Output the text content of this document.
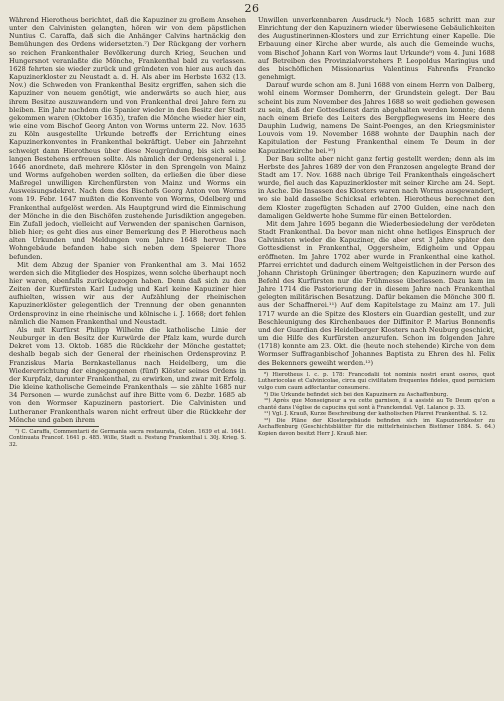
26

Während Hierotheus berichtet, daß die Kapuziner zu großem Ansehen unter den Calvinisten gelangten, hören wir von dem päpstlichen Nuntius C. Caraffa, daß sich die Anhänger Calvins hartnäckig den Bemühungen des Ordens widersetzten.⁷) Der Rückgang der vorhern so reichen Frankenthaler Bevölkerung durch Krieg, Seuchen und Hungersnot veranlaßte die Mönche, Frankenthal bald zu verlassen. 1628 fehrten sie wieder zurück und gründeten von hier aus auch das Kapuzinerkloster zu Neustadt a. d. H. Als aber im Herbste 1632 (13. Nov.) die Schweden von Frankenthal Besitz ergriffen, sahen sich die Kapuziner von neuem genötigt, wie anderwärts so auch hier, aus ihrem Besitze auszuwandern und von Frankenthal drei Jahre fern zu bleiben. Ein Jahr nachdem die Spanier wieder in den Besitz der Stadt gekommen waren (Oktober 1635), trafen die Mönche wieder hier ein, wie eine vom Bischof Georg Anton von Worms unterm 22. Nov. 1635 zu Köln ausgestellte Urkunde betreffs der Errichtung eines Kapuzinerkonventes in Frankenthal bekräftigt. Ueber ein Jahrzehnt schweigt dann Hierotheus über diese Neugründung, bis sich seine langen Bestehens erfreuen sollte. Als nämlich der Ordensgeneral i. J. 1646 anordnete, daß mehrere Klöster in den Sprengeln von Mainz und Worms aufgehoben werden sollten, da erließen die über diese Maßregel unwilligen Kirchenfürsten von Mainz und Worms ein Ausweisungsdekret. Nach dem des Bischofs Georg Anton von Worms vom 19. Febr. 1647 mußten die Konvente von Worms, Odelberg und Frankenthal aufgelöst werden. Als Hauptgrund wird die Einmischung der Mönche in die den Bischöfen zustehende Jurisdiktion angegeben. Ein Zufall jedoch, vielleicht auf Verwenden der spanischen Garnison, blieb hier; es geht dies aus einer Bemerkung des P. Hierotheus nach alten Urkunden und Meldungen vom Jahre 1648 hervor. Das Wohngebäude befanden habe sich neben dem Speierer Thore befunden.

Mit dem Abzug der Spanier von Frankenthal am 3. Mai 1652 werden sich die Mitglieder des Hospizes, wenn solche überhaupt noch hier waren, ebenfalls zurückgezogen haben. Denn daß sich zu den Zeiten der Kurfürsten Karl Ludwig und Karl keine Kapuziner hier aufhielten, wissen wir aus der Aufzählung der rheinischen Kapuzinerklöster gelegentlich der Trennung der oben genannten Ordensprovinz in eine rheinische und kölnische i. J. 1668; dort fehlen nämlich die Namen Frankenthal und Neustadt.

Als mit Kurfürst Philipp Wilhelm die katholische Linie der Neuburger in den Besitz der Kurwürde der Pfalz kam, wurde durch Dekret vom 13. Oktob. 1685 die Rückkehr der Mönche gestattet; deshalb begab sich der General der rheinischen Ordensprovinz P. Franziskus Maria Bernkastellanus nach Heidelberg, um die Wiedererrichtung der eingegangenen (fünf) Klöster seines Ordens in der Kurpfalz, darunter Frankenthal, zu erwirken, und zwar mit Erfolg. Die kleine katholische Gemeinde Frankenthals — sie zählte 1685 nur 34 Personen — wurde zunächst auf ihre Bitte vom 6. Dezbr. 1685 ab von den Wormser Kapuzinern pastoriert. Die Calvinisten und Lutheraner Frankenthals waren nicht erfreut über die Rückkehr der Mönche und gaben ihrem

⁷) C. Caraffa, Commentarii de Germania sacra restaurata, Colon. 1639 et al. 1641. Continuata Francof. 1641 p. 485. Wille, Stadt u. Festung Frankenthal i. 30j. Krieg. S. 32.

Unwillen unverkennbaren Ausdruck.⁸) Noch 1685 schritt man zur Einrichtung der den Kapuzinern wieder überwiesene Gebäulichkeiten des Augustinerinnen-Klosters und zur Errichtung einer Kapelle. Die Erbauung einer Kirche aber wurde, als auch die Gemeinde wuchs, vom Bischof Johann Karl von Worms laut Urkunde⁹) vom 4. Juni 1688 auf Betreiben des Provinzialvorstehers P. Leopoldus Maringius und des bischöflichen Missionarius Valentinus Fahrenfis Francko genehmigt.

Darauf wurde schon am 8. Juni 1688 von einem Herrn von Dalberg, wohl einem Wormser Domherrn, der Grundstein gelegt. Der Bau scheint bis zum November des Jahres 1688 so weit gediehen gewesen zu sein, daß der Gottesdienst darin abgehalten werden konnte; denn nach einem Briefe des Leiters des Bergpflegwesens im Heere des Dauphin Ludwig, namens De Saint-Poenges, an den Kriegsminister Louvois vom 19. November 1688 wohnte der Dauphin nach der Kapitulation der Festung Frankenthal einem Te Deum in der Kapuzinerkirche bei.¹⁰)

Der Bau sollte aber nicht ganz fertig gestellt werden; denn als im Herbste des Jahres 1689 der von den Franzosen angelegte Brand der Stadt am 17. Nov. 1688 nach übrige Teil Frankenthals eingeäschert wurde, fiel auch das Kapuzinerkloster mit seiner Kirche am 24. Sept. in Asche. Die Insassen des Klosters waren nach Worms ausgewandert, wo sie bald dasselbe Schicksal erlebten. Hierotheus berechnet den dem Kloster zugefügten Schaden auf 2700 Gulden, eine nach den damaligen Geldwerte hohe Summe für einen Bettelorden.

Mit dem Jahre 1695 begann die Wiederbesiedelung der verödeten Stadt Frankenthal. Da bevor man nicht ohne hetliges Einspruch der Calvinisten wieder die Kapuziner, die aber erst 3 Jahre später den Gottesdienst in Frankenthal, Oggersheim, Edigheim und Oppau eröffneten. Im Jahre 1702 aber wurde in Frankenthal eine kathol. Pfarrei errichtet und dadurch einem Weltgeistlichen in der Person des Johann Christoph Grüninger übertragen; den Kapuzinern wurde auf Befehl des Kurfürsten nur die Frühmesse überlassen. Dazu kam im Jahre 1714 die Pastorierung der in diesem Jahre nach Frankenthal gelegten militärischen Besatzung. Dafür bekamen die Mönche 300 fl. aus der Schaffnerei.¹¹) Auf dem Kapitelstage zu Mainz am 17. Juli 1717 wurde an die Spitze des Klosters ein Guardian gestellt, und zur Beschleunigung des Kirchenbaues der Diffinitor P. Marius Bonnenfis und der Guardian des Heidelberger Klosters nach Neuburg geschickt, um die Hilfe des Kurfürsten anzurufen. Schon im folgenden Jahre (1718) konnte am 23. Okt. die (heute noch stehende) Kirche von dem Wormser Suffraganbischof Johannes Baptista zu Ehren des hl. Felix des Bekenners geweiht werden.¹²)

⁸) Hierotheus l. c. p. 178: Francodalii tot nominis nostri erant osores, quot Lutheriocolae et Calvinicolae, circa qui civilitatem frequentes fideles, quod perniciem vulgo cum caum adfectantur consumere.

⁹) Die Urkunde befindet sich bei den Kapuzinern zu Aschaffenburg.

¹⁰) Après que Monseigneur a vu cette garnison, il a assisté au Te Deum qu'on a chanté dans l'église de capucins qui sont à Franckendal. Vgl. Lalance p. 33.

¹¹) Vgl. J. Krauß, Kurze Beschreibung der katholischen Pfarrei Frankenthal. S. 12.

¹²) Die Pläne der Klostergebäude befinden sich im Kapuzinerkloster zu Aschaffenburg (Geschichtsblätter für die mittelrheinischen Bistümer 1884. S. 64.) Kopien davon besitzt Herr J. Krauß hier.
